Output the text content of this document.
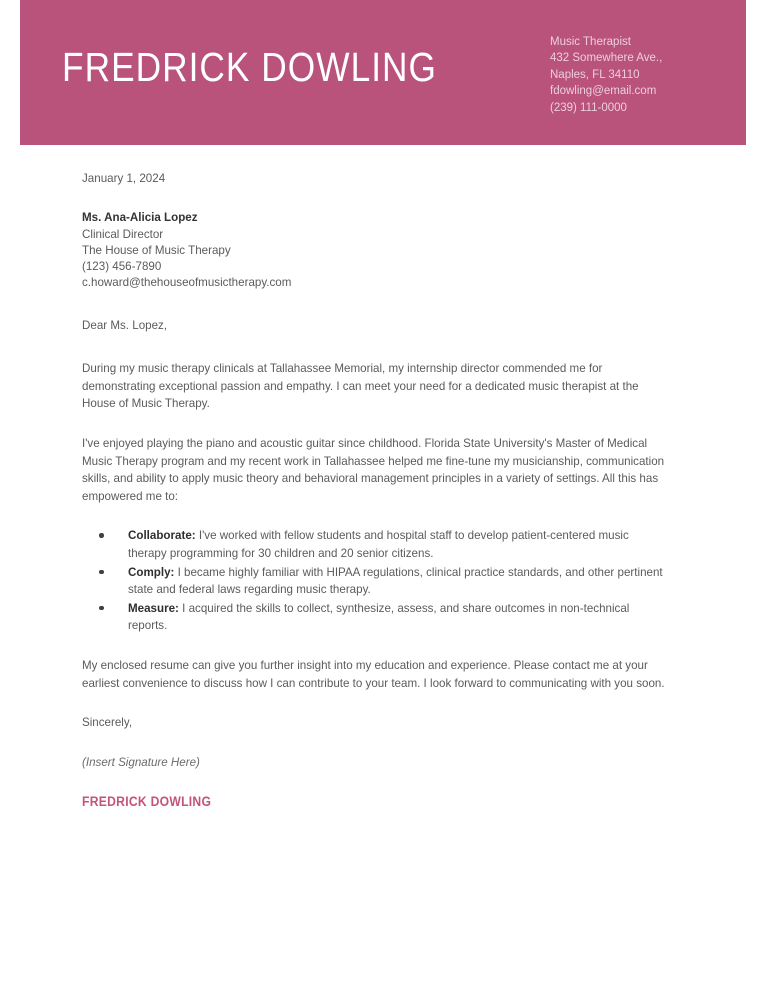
FREDRICK DOWLING
Music Therapist
432 Somewhere Ave.,
Naples, FL 34110
fdowling@email.com
(239) 111-0000
January 1, 2024
Ms. Ana-Alicia Lopez
Clinical Director
The House of Music Therapy
(123) 456-7890
c.howard@thehouseofmusictherapy.com
Dear Ms. Lopez,

During my music therapy clinicals at Tallahassee Memorial, my internship director commended me for demonstrating exceptional passion and empathy. I can meet your need for a dedicated music therapist at the House of Music Therapy.

I've enjoyed playing the piano and acoustic guitar since childhood. Florida State University's Master of Medical Music Therapy program and my recent work in Tallahassee helped me fine-tune my musicianship, communication skills, and ability to apply music theory and behavioral management principles in a variety of settings. All this has empowered me to:

Collaborate: I've worked with fellow students and hospital staff to develop patient-centered music therapy programming for 30 children and 20 senior citizens.
Comply: I became highly familiar with HIPAA regulations, clinical practice standards, and other pertinent state and federal laws regarding music therapy.
Measure: I acquired the skills to collect, synthesize, assess, and share outcomes in non-technical reports.

My enclosed resume can give you further insight into my education and experience. Please contact me at your earliest convenience to discuss how I can contribute to your team. I look forward to communicating with you soon.

Sincerely,
(Insert Signature Here)
FREDRICK DOWLING
